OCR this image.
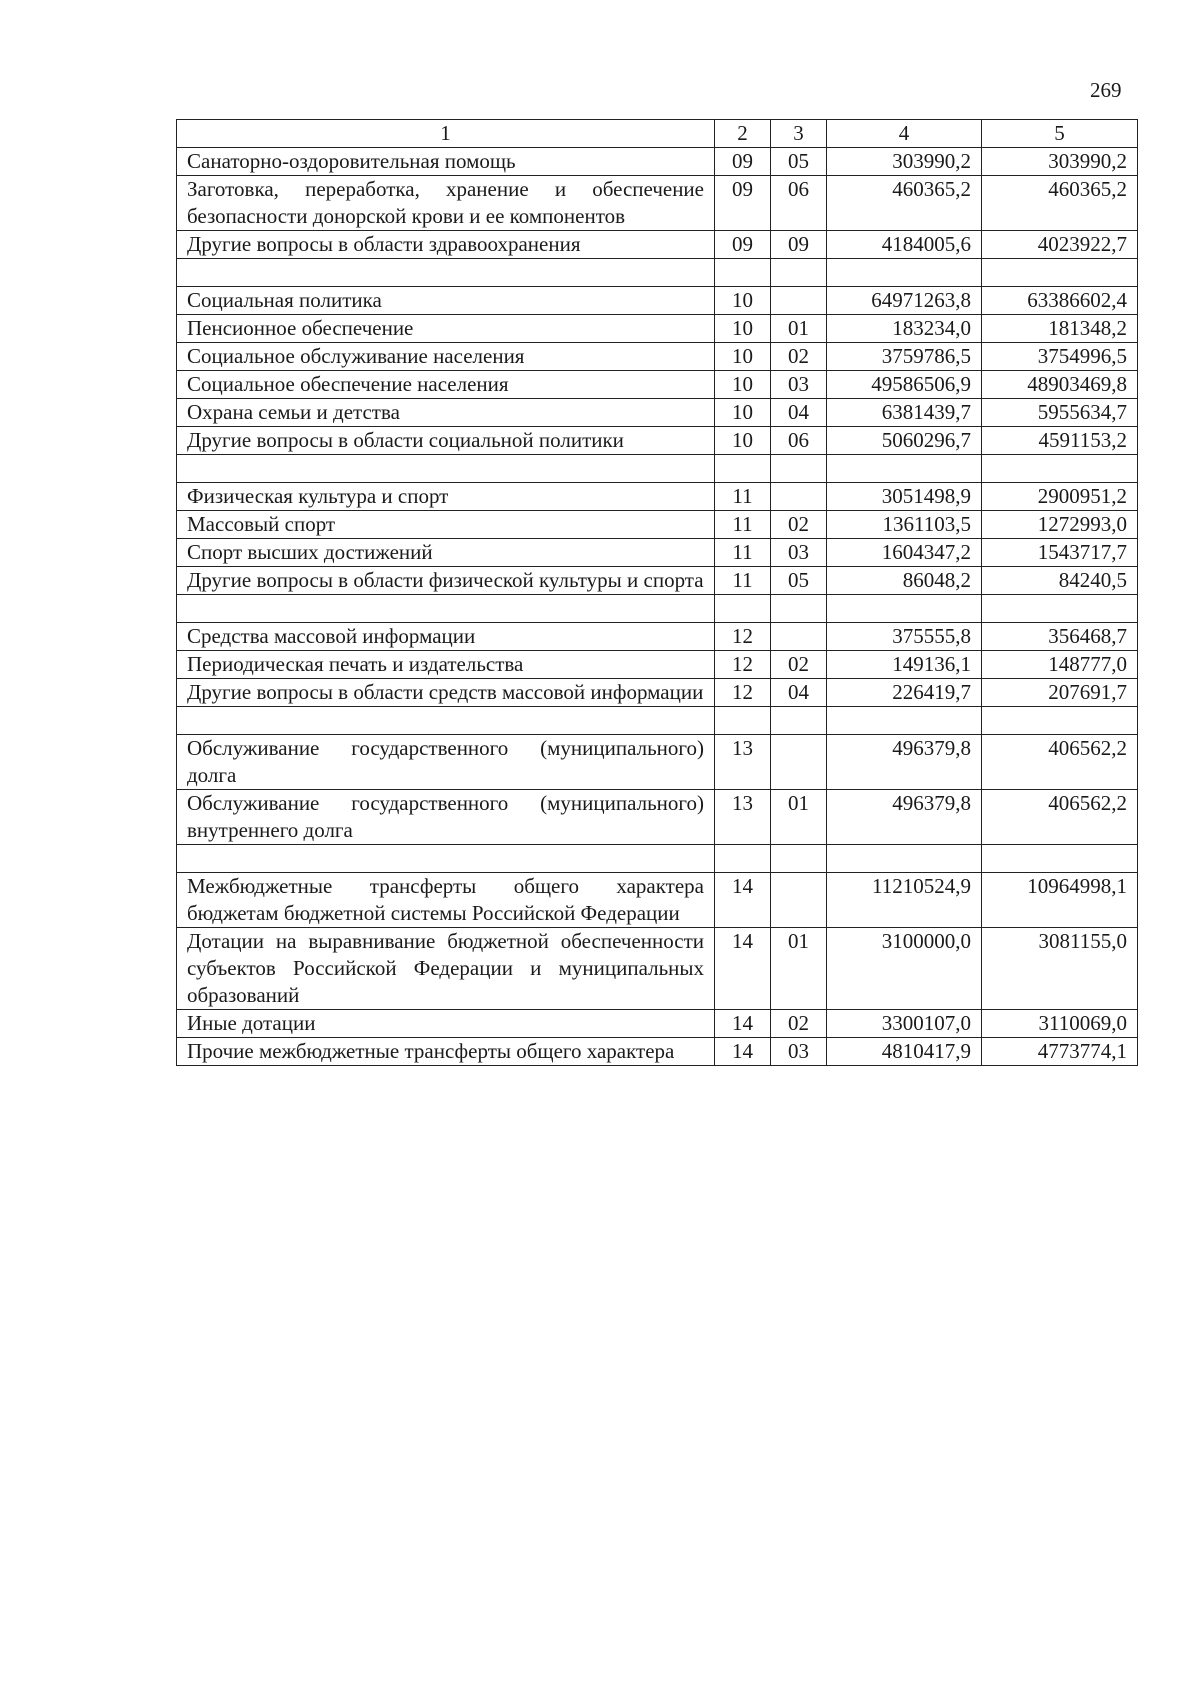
269
1	2	3	4	5
Санаторно-оздоровительная помощь	09	05	303990,2	303990,2
Заготовка, переработка, хранение и обеспечение безопасности донорской крови и ее компонентов	09	06	460365,2	460365,2
Другие вопросы в области здравоохранения	09	09	4184005,6	4023922,7

Социальная политика	10		64971263,8	63386602,4
Пенсионное обеспечение	10	01	183234,0	181348,2
Социальное обслуживание населения	10	02	3759786,5	3754996,5
Социальное обеспечение населения	10	03	49586506,9	48903469,8
Охрана семьи и детства	10	04	6381439,7	5955634,7
Другие вопросы в области социальной политики	10	06	5060296,7	4591153,2

Физическая культура и спорт	11		3051498,9	2900951,2
Массовый спорт	11	02	1361103,5	1272993,0
Спорт высших достижений	11	03	1604347,2	1543717,7
Другие вопросы в области физической культуры и спорта	11	05	86048,2	84240,5

Средства массовой информации	12		375555,8	356468,7
Периодическая печать и издательства	12	02	149136,1	148777,0
Другие вопросы в области средств массовой информации	12	04	226419,7	207691,7

Обслуживание государственного (муниципального) долга	13		496379,8	406562,2
Обслуживание государственного (муниципального) внутреннего долга	13	01	496379,8	406562,2

Межбюджетные трансферты общего характера бюджетам бюджетной системы Российской Федерации	14		11210524,9	10964998,1
Дотации на выравнивание бюджетной обеспеченности субъектов Российской Федерации и муниципальных образований	14	01	3100000,0	3081155,0
Иные дотации	14	02	3300107,0	3110069,0
Прочие межбюджетные трансферты общего характера	14	03	4810417,9	4773774,1
